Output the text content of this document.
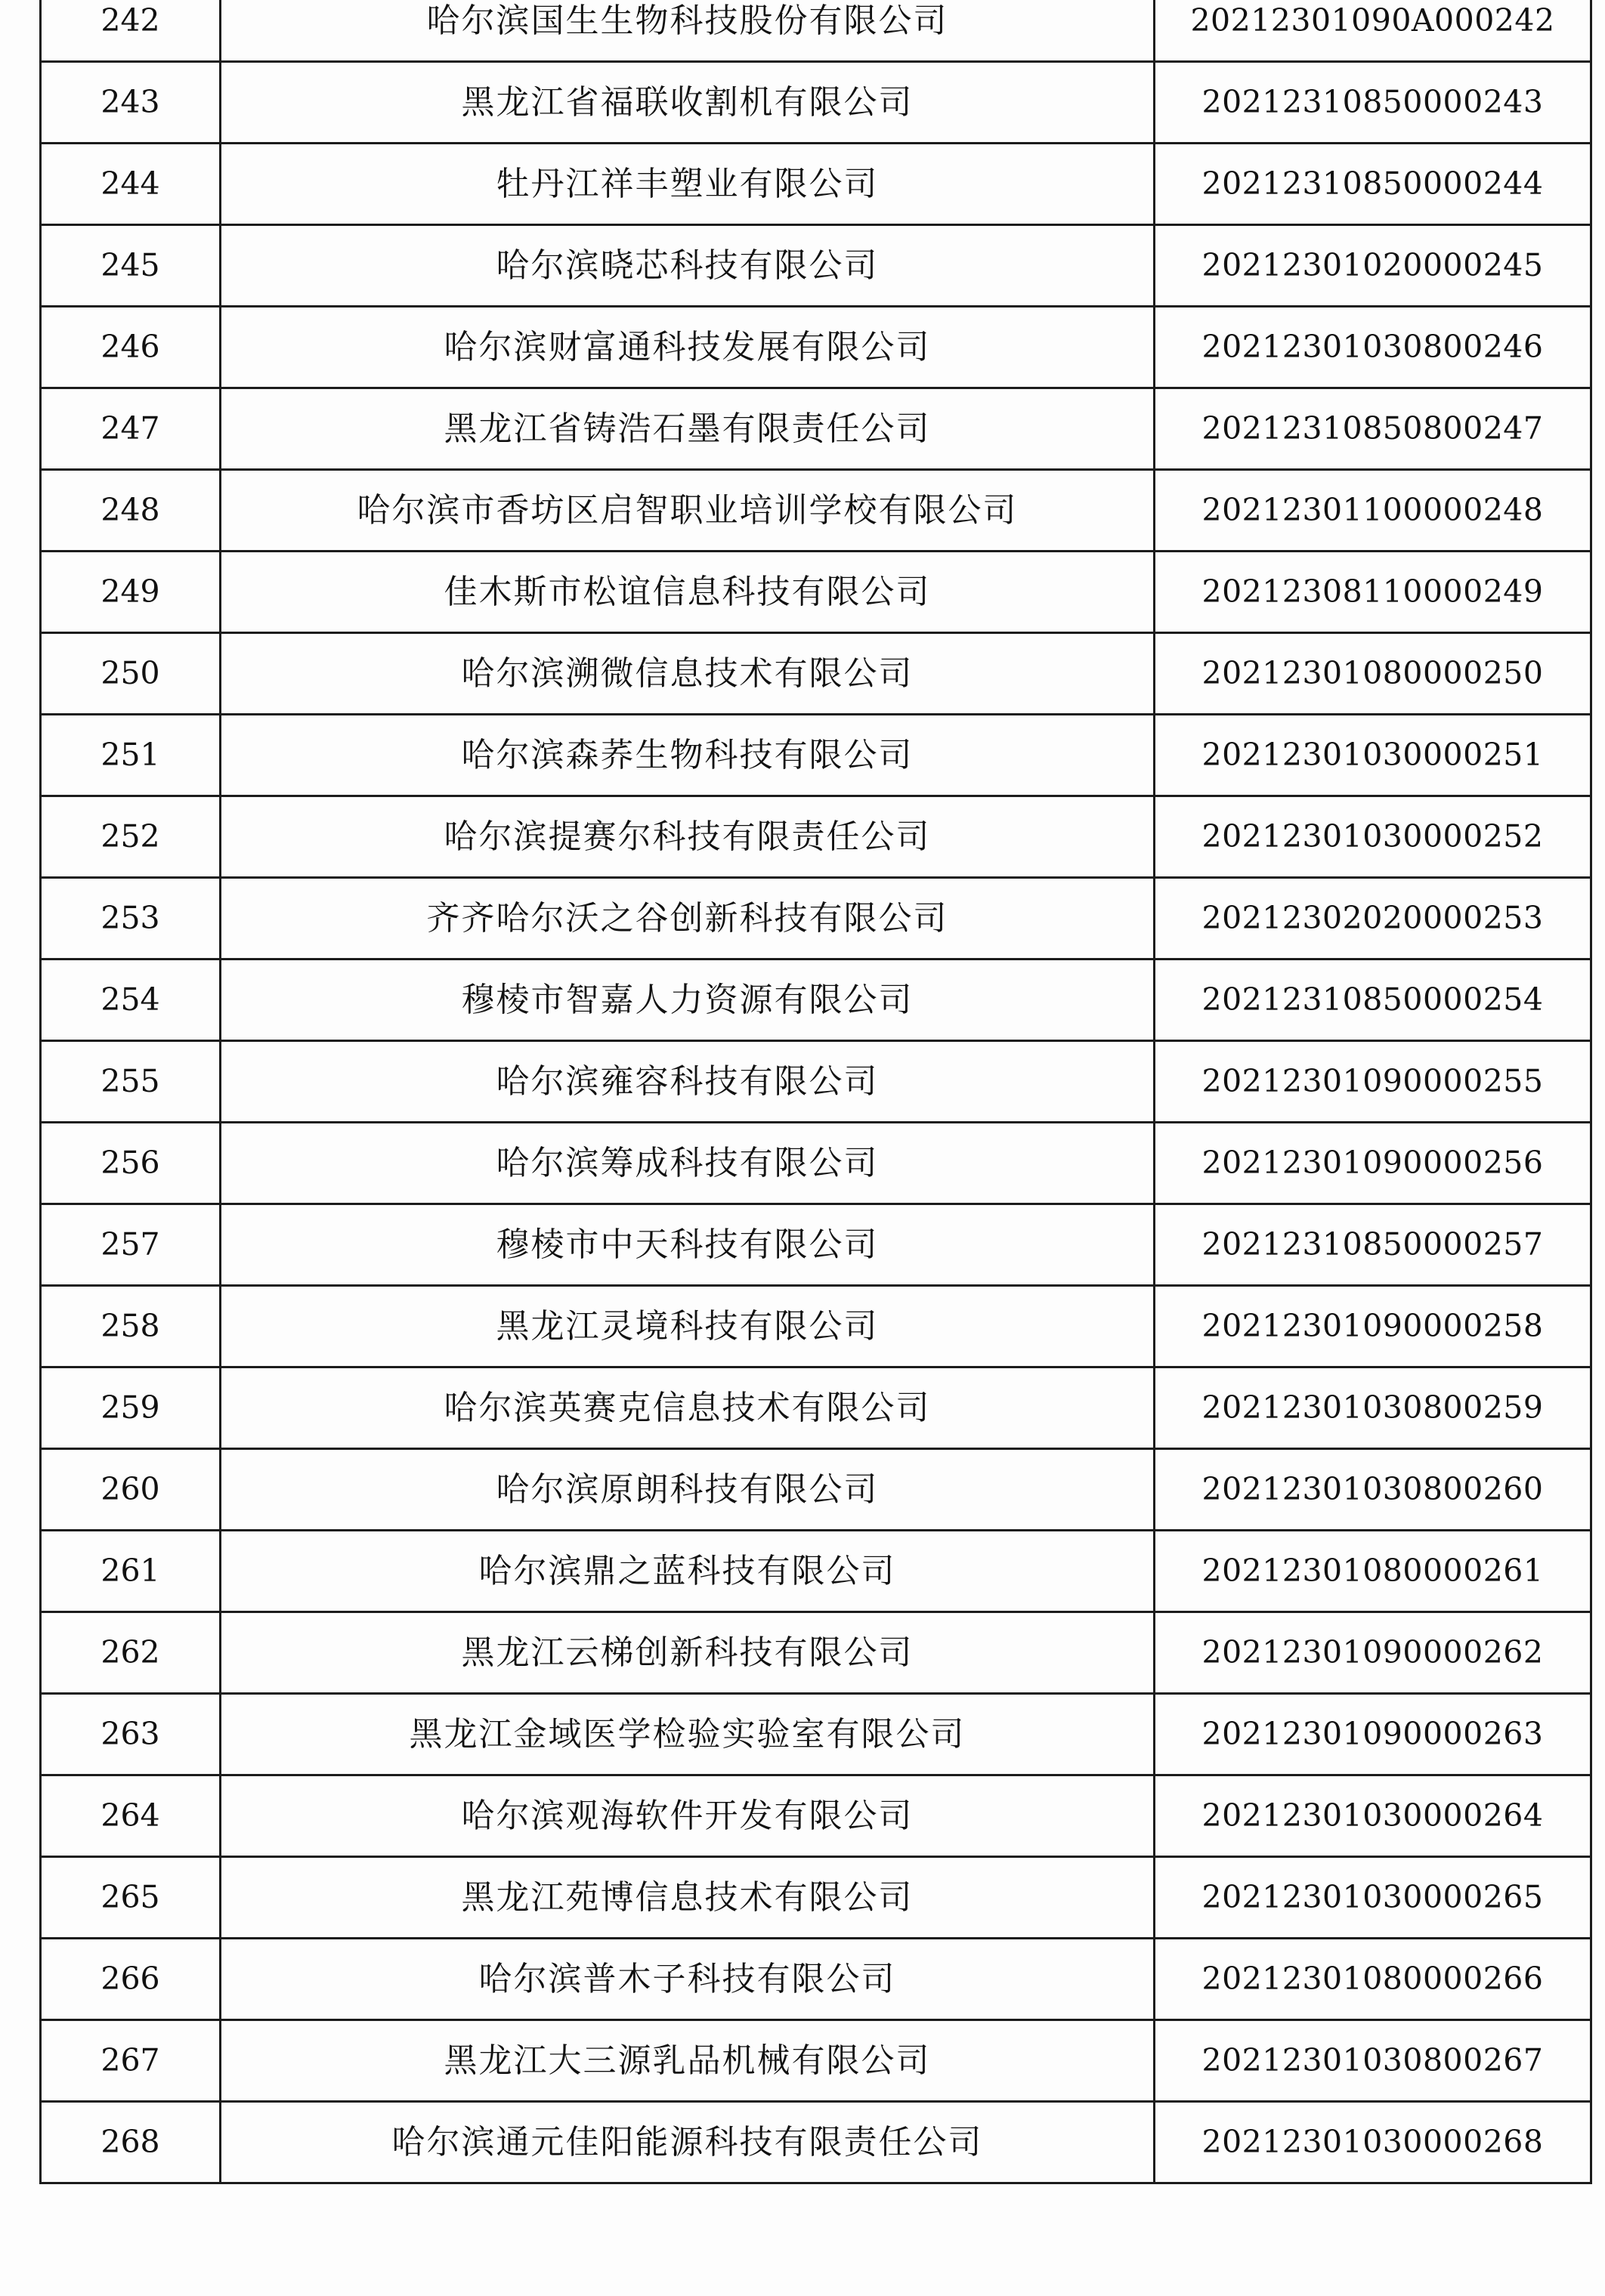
242	哈尔滨国生生物科技股份有限公司	20212301090A000242
243	黑龙江省福联收割机有限公司	20212310850000243
244	牡丹江祥丰塑业有限公司	20212310850000244
245	哈尔滨晓芯科技有限公司	20212301020000245
246	哈尔滨财富通科技发展有限公司	20212301030800246
247	黑龙江省铸浩石墨有限责任公司	20212310850800247
248	哈尔滨市香坊区启智职业培训学校有限公司	20212301100000248
249	佳木斯市松谊信息科技有限公司	20212308110000249
250	哈尔滨溯微信息技术有限公司	20212301080000250
251	哈尔滨森荞生物科技有限公司	20212301030000251
252	哈尔滨提赛尔科技有限责任公司	20212301030000252
253	齐齐哈尔沃之谷创新科技有限公司	20212302020000253
254	穆棱市智嘉人力资源有限公司	20212310850000254
255	哈尔滨雍容科技有限公司	20212301090000255
256	哈尔滨筹成科技有限公司	20212301090000256
257	穆棱市中天科技有限公司	20212310850000257
258	黑龙江灵境科技有限公司	20212301090000258
259	哈尔滨英赛克信息技术有限公司	20212301030800259
260	哈尔滨原朗科技有限公司	20212301030800260
261	哈尔滨鼎之蓝科技有限公司	20212301080000261
262	黑龙江云梯创新科技有限公司	20212301090000262
263	黑龙江金域医学检验实验室有限公司	20212301090000263
264	哈尔滨观海软件开发有限公司	20212301030000264
265	黑龙江苑博信息技术有限公司	20212301030000265
266	哈尔滨普木子科技有限公司	20212301080000266
267	黑龙江大三源乳品机械有限公司	20212301030800267
268	哈尔滨通元佳阳能源科技有限责任公司	20212301030000268
